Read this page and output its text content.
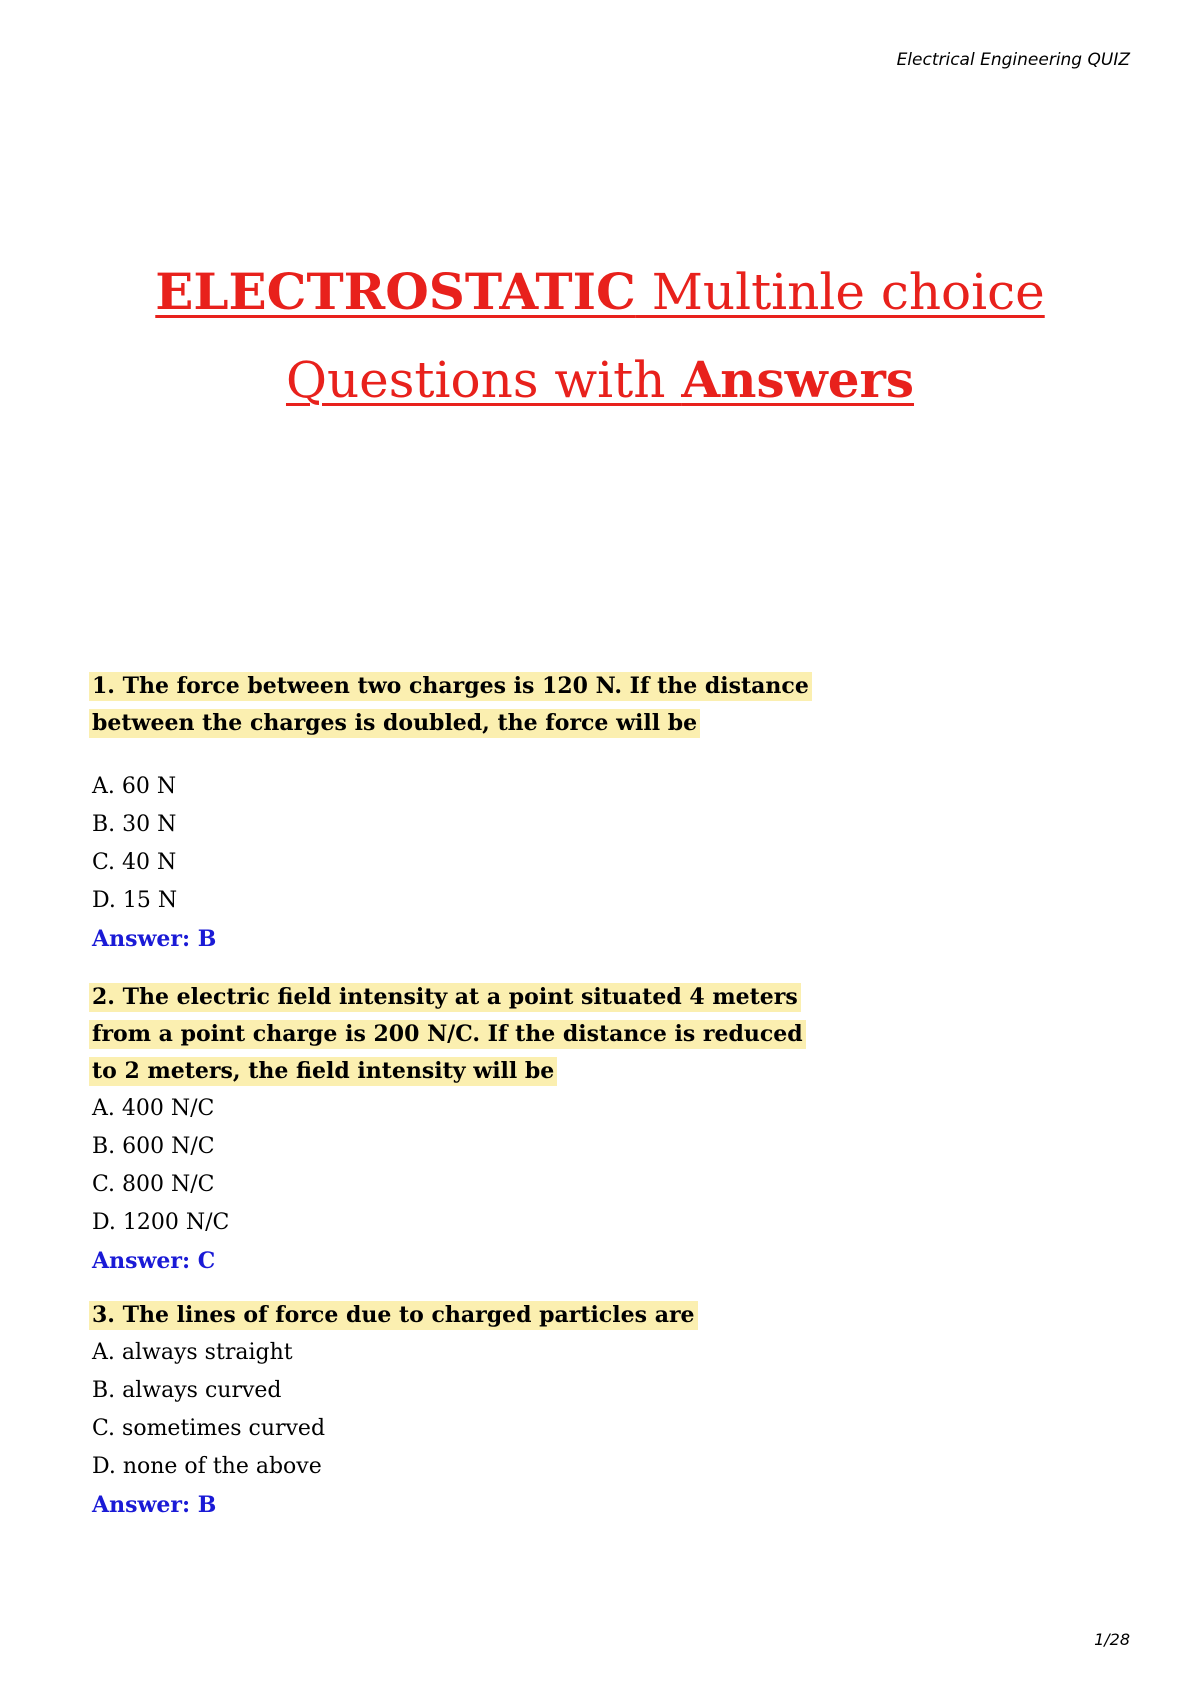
Electrical Engineering QUIZ
ELECTROSTATIC Multinle choice
Questions with Answers

1. The force between two charges is 120 N. If the distance
between the charges is doubled, the force will be

A. 60 N
B. 30 N
C. 40 N
D. 15 N
Answer: B

2. The electric field intensity at a point situated 4 meters
from a point charge is 200 N/C. If the distance is reduced
to 2 meters, the field intensity will be

A. 400 N/C
B. 600 N/C
C. 800 N/C
D. 1200 N/C
Answer: C

3. The lines of force due to charged particles are

A. always straight
B. always curved
C. sometimes curved
D. none of the above
Answer: B
1/28
